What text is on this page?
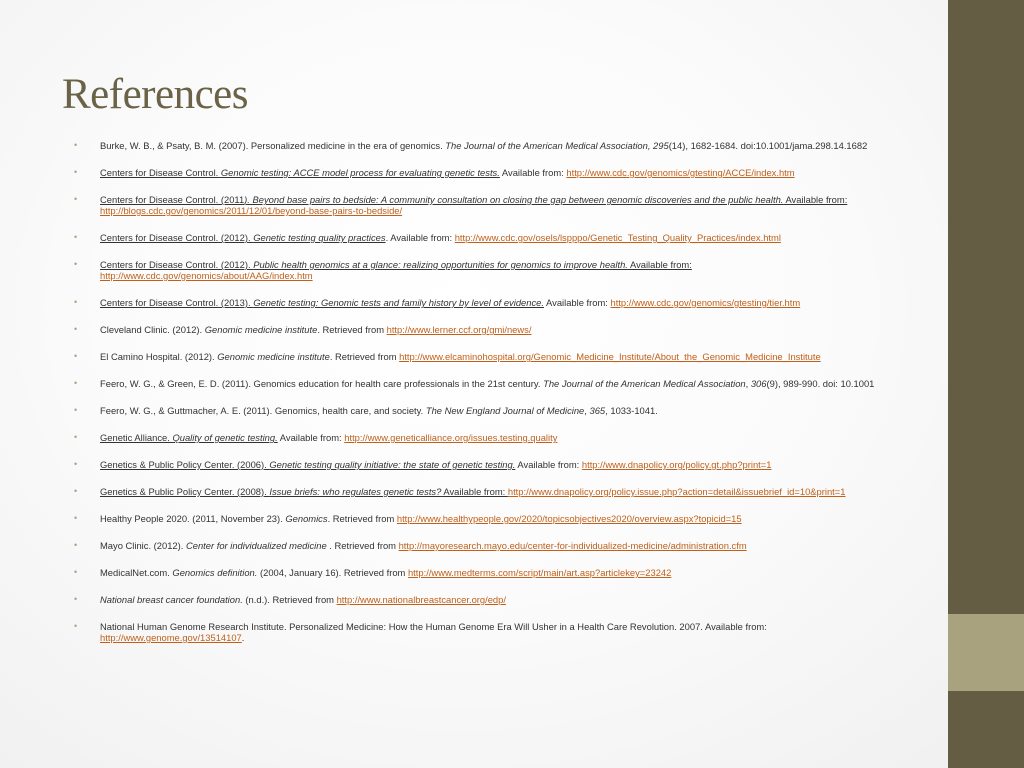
References
• Burke, W. B., & Psaty, B. M. (2007). Personalized medicine in the era of genomics. The Journal of the American Medical Association, 295(14), 1682-1684. doi:10.1001/jama.298.14.1682
• Centers for Disease Control. Genomic testing: ACCE model process for evaluating genetic tests. Available from: http://www.cdc.gov/genomics/gtesting/ACCE/index.htm
• Centers for Disease Control. (2011). Beyond base pairs to bedside: A community consultation on closing the gap between genomic discoveries and the public health. Available from: http://blogs.cdc.gov/genomics/2011/12/01/beyond-base-pairs-to-bedside/
• Centers for Disease Control. (2012). Genetic testing quality practices. Available from: http://www.cdc.gov/osels/lspppo/Genetic_Testing_Quality_Practices/index.html
• Centers for Disease Control. (2012). Public health genomics at a glance: realizing opportunities for genomics to improve health. Available from: http://www.cdc.gov/genomics/about/AAG/index.htm
• Centers for Disease Control. (2013). Genetic testing: Genomic tests and family history by level of evidence. Available from: http://www.cdc.gov/genomics/gtesting/tier.htm
• Cleveland Clinic. (2012). Genomic medicine institute. Retrieved from http://www.lerner.ccf.org/gmi/news/
• El Camino Hospital. (2012). Genomic medicine institute. Retrieved from http://www.elcaminohospital.org/Genomic_Medicine_Institute/About_the_Genomic_Medicine_Institute
• Feero, W. G., & Green, E. D. (2011). Genomics education for health care professionals in the 21st century. The Journal of the American Medical Association, 306(9), 989-990. doi: 10.1001
• Feero, W. G., & Guttmacher, A. E. (2011). Genomics, health care, and society. The New England Journal of Medicine, 365, 1033-1041.
• Genetic Alliance. Quality of genetic testing. Available from: http://www.geneticalliance.org/issues.testing.quality
• Genetics & Public Policy Center. (2006). Genetic testing quality initiative: the state of genetic testing. Available from: http://www.dnapolicy.org/policy.gt.php?print=1
• Genetics & Public Policy Center. (2008). Issue briefs: who regulates genetic tests? Available from: http://www.dnapolicy.org/policy.issue.php?action=detail&issuebrief_id=10&print=1
• Healthy People 2020. (2011, November 23). Genomics. Retrieved from http://www.healthypeople.gov/2020/topicsobjectives2020/overview.aspx?topicid=15
• Mayo Clinic. (2012). Center for individualized medicine . Retrieved from http://mayoresearch.mayo.edu/center-for-individualized-medicine/administration.cfm
• MedicalNet.com. Genomics definition. (2004, January 16). Retrieved from http://www.medterms.com/script/main/art.asp?articlekey=23242
• National breast cancer foundation. (n.d.). Retrieved from http://www.nationalbreastcancer.org/edp/
• National Human Genome Research Institute. Personalized Medicine: How the Human Genome Era Will Usher in a Health Care Revolution. 2007. Available from: http://www.genome.gov/13514107.
